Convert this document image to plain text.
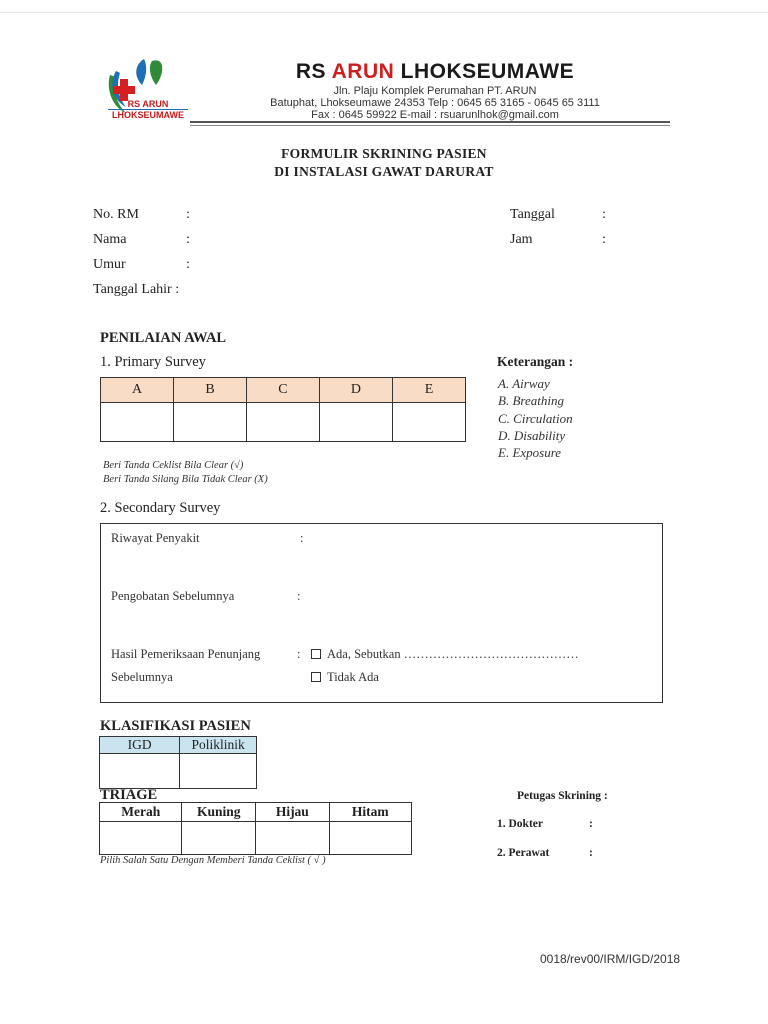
RS ARUN
LHOKSEUMAWE
RS ARUN LHOKSEUMAWE
Jln. Plaju Komplek Perumahan PT. ARUN
Batuphat, Lhokseumawe 24353 Telp : 0645 65 3165 - 0645 65 3111
Fax : 0645 59922 E-mail : rsuarunlhok@gmail.com
FORMULIR SKRINING PASIEN
DI INSTALASI GAWAT DARURAT
No. RM	:
Nama	:
Umur	:
Tanggal Lahir :
Tanggal	:
Jam	:
PENILAIAN AWAL
1. Primary Survey
A	B	C	D	E

Beri Tanda Ceklist Bila Clear (√)
Beri Tanda Silang Bila Tidak Clear (X)
Keterangan :
A. Airway
B. Breathing
C. Circulation
D. Disability
E. Exposure
2. Secondary Survey
Riwayat Penyakit	:
Pengobatan Sebelumnya	:
Hasil Pemeriksaan Penunjang	:
Sebelumnya
Ada, Sebutkan ……………………………………
Tidak Ada
KLASIFIKASI PASIEN
IGD	Poliklinik

TRIAGE
Merah	Kuning	Hijau	Hitam

Pilih Salah Satu Dengan Memberi Tanda Ceklist ( √ )
Petugas Skrining :
1. Dokter	:
2. Perawat	:
0018/rev00/IRM/IGD/2018
